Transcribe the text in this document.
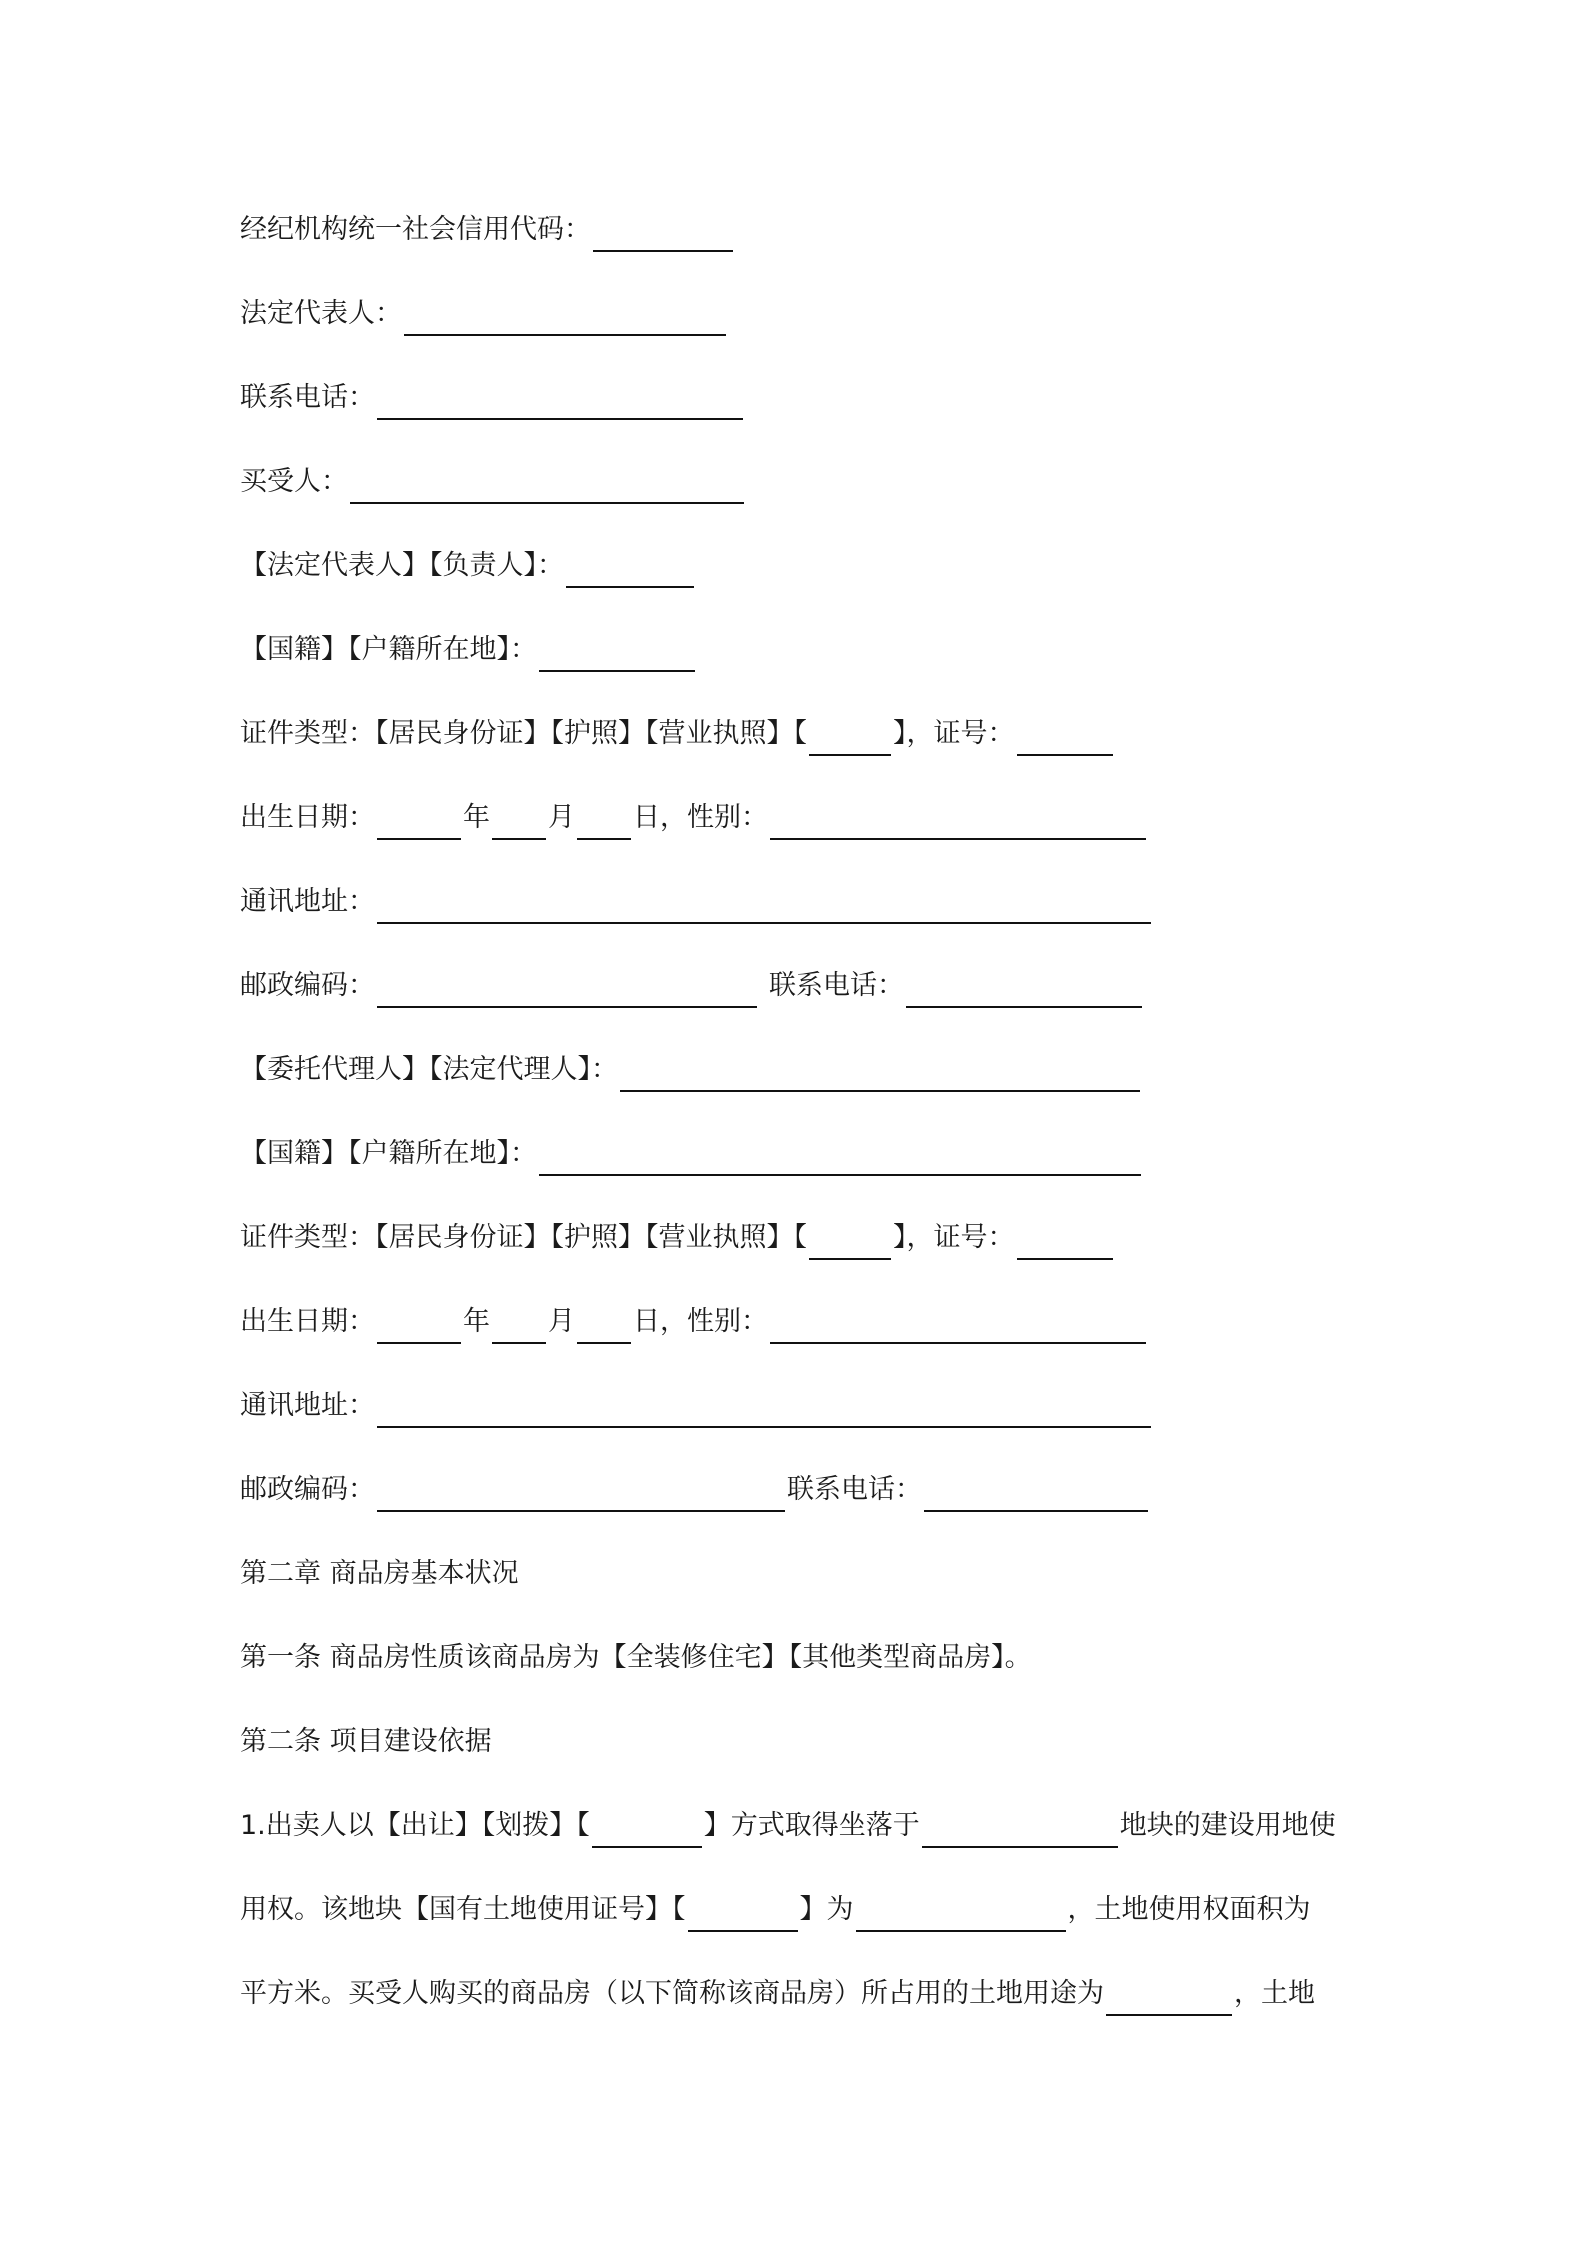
经纪机构统一社会信用代码：
法定代表人：
联系电话：
买受人：
【法定代表人】【负责人】：
【国籍】【户籍所在地】：
证件类型：【居民身份证】【护照】【营业执照】【	】，证号：
出生日期：	年 月 日，性别：
通讯地址：
邮政编码：	联系电话：
【委托代理人】【法定代理人】：
【国籍】【户籍所在地】：
证件类型：【居民身份证】【护照】【营业执照】【	】，证号：
出生日期：	年 月 日，性别：
通讯地址：
邮政编码：	联系电话：
第二章 商品房基本状况
第一条 商品房性质该商品房为【全装修住宅】【其他类型商品房】。
第二条 项目建设依据
1.出卖人以【出让】【划拨】【	】方式取得坐落于	地块的建设用地使
用权。该地块【国有土地使用证号】【	】为	，土地使用权面积为
平方米。买受人购买的商品房（以下简称该商品房）所占用的土地用途为	，土地
